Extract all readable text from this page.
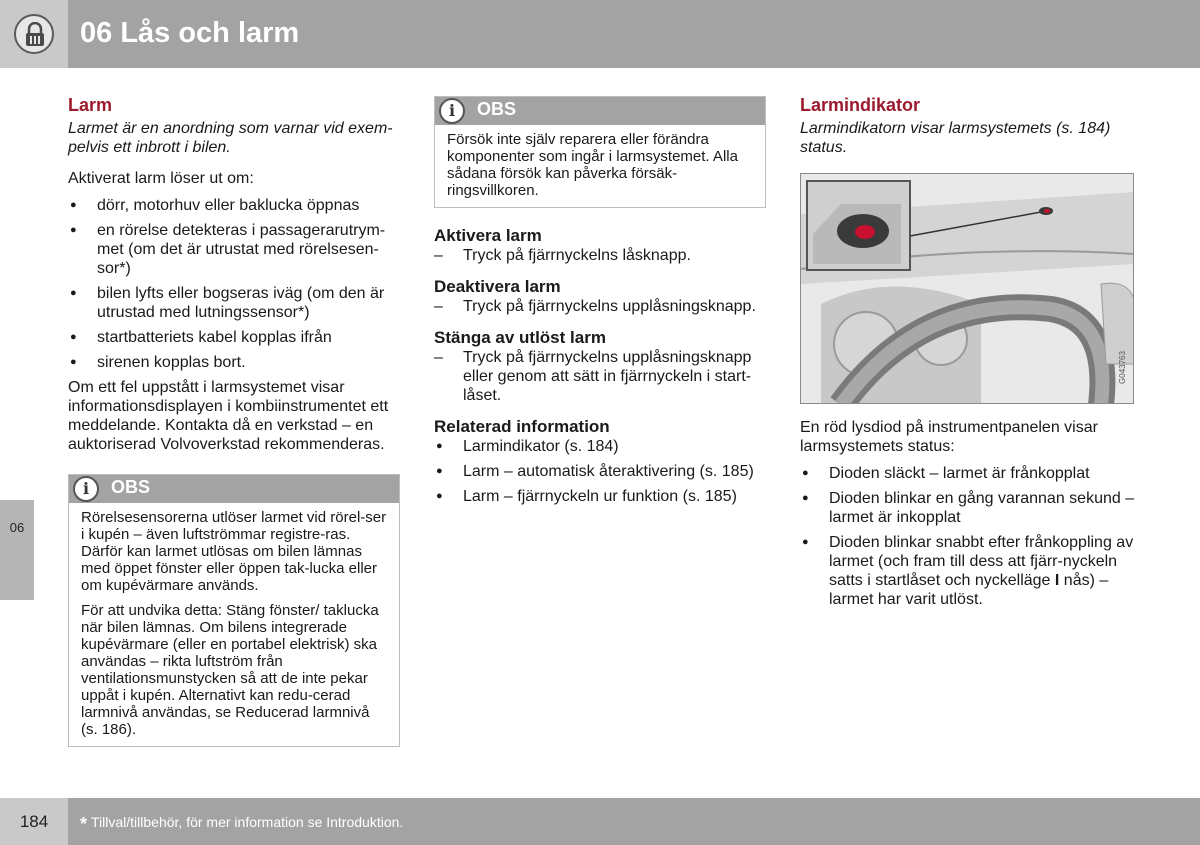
06 Lås och larm
06
Larm

Larmet är en anordning som varnar vid exem-pelvis ett inbrott i bilen.

Aktiverat larm löser ut om:

● dörr, motorhuv eller baklucka öppnas
● en rörelse detekteras i passagerarutrym-met (om det är utrustat med rörelsesen-sor*)
● bilen lyfts eller bogseras iväg (om den är utrustad med lutningssensor*)
● startbatteriets kabel kopplas ifrån
● sirenen kopplas bort.

Om ett fel uppstått i larmsystemet visar informationsdisplayen i kombiinstrumentet ett meddelande. Kontakta då en verkstad – en auktoriserad Volvoverkstad rekommenderas.

i	OBS

Rörelsesensorerna utlöser larmet vid rörel-ser i kupén – även luftströmmar registre-ras. Därför kan larmet utlösas om bilen lämnas med öppet fönster eller öppen tak-lucka eller om kupévärmare används.

För att undvika detta: Stäng fönster/ taklucka när bilen lämnas. Om bilens integrerade kupévärmare (eller en portabel elektrisk) ska användas – rikta luftström från ventilationsmunstycken så att de inte pekar uppåt i kupén. Alternativt kan redu-cerad larmnivå användas, se Reducerad larmnivå (s. 186).

i	OBS

Försök inte själv reparera eller förändra komponenter som ingår i larmsystemet. Alla sådana försök kan påverka försäk-ringsvillkoren.

Aktivera larm
– Tryck på fjärrnyckelns låsknapp.
Deaktivera larm
– Tryck på fjärrnyckelns upplåsningsknapp.
Stänga av utlöst larm
– Tryck på fjärrnyckelns upplåsningsknapp eller genom att sätt in fjärrnyckeln i start-låset.
Relaterad information
● Larmindikator (s. 184)
● Larm – automatisk återaktivering (s. 185)
● Larm – fjärrnyckeln ur funktion (s. 185)
Larmindikator

Larmindikatorn visar larmsystemets (s. 184) status.

G043763

En röd lysdiod på instrumentpanelen visar larmsystemets status:

● Dioden släckt – larmet är frånkopplat
● Dioden blinkar en gång varannan sekund – larmet är inkopplat
● Dioden blinkar snabbt efter frånkoppling av larmet (och fram till dess att fjärr-nyckeln satts i startlåset och nyckelläge I nås) – larmet har varit utlöst.
184	* Tillval/tillbehör, för mer information se Introduktion.
